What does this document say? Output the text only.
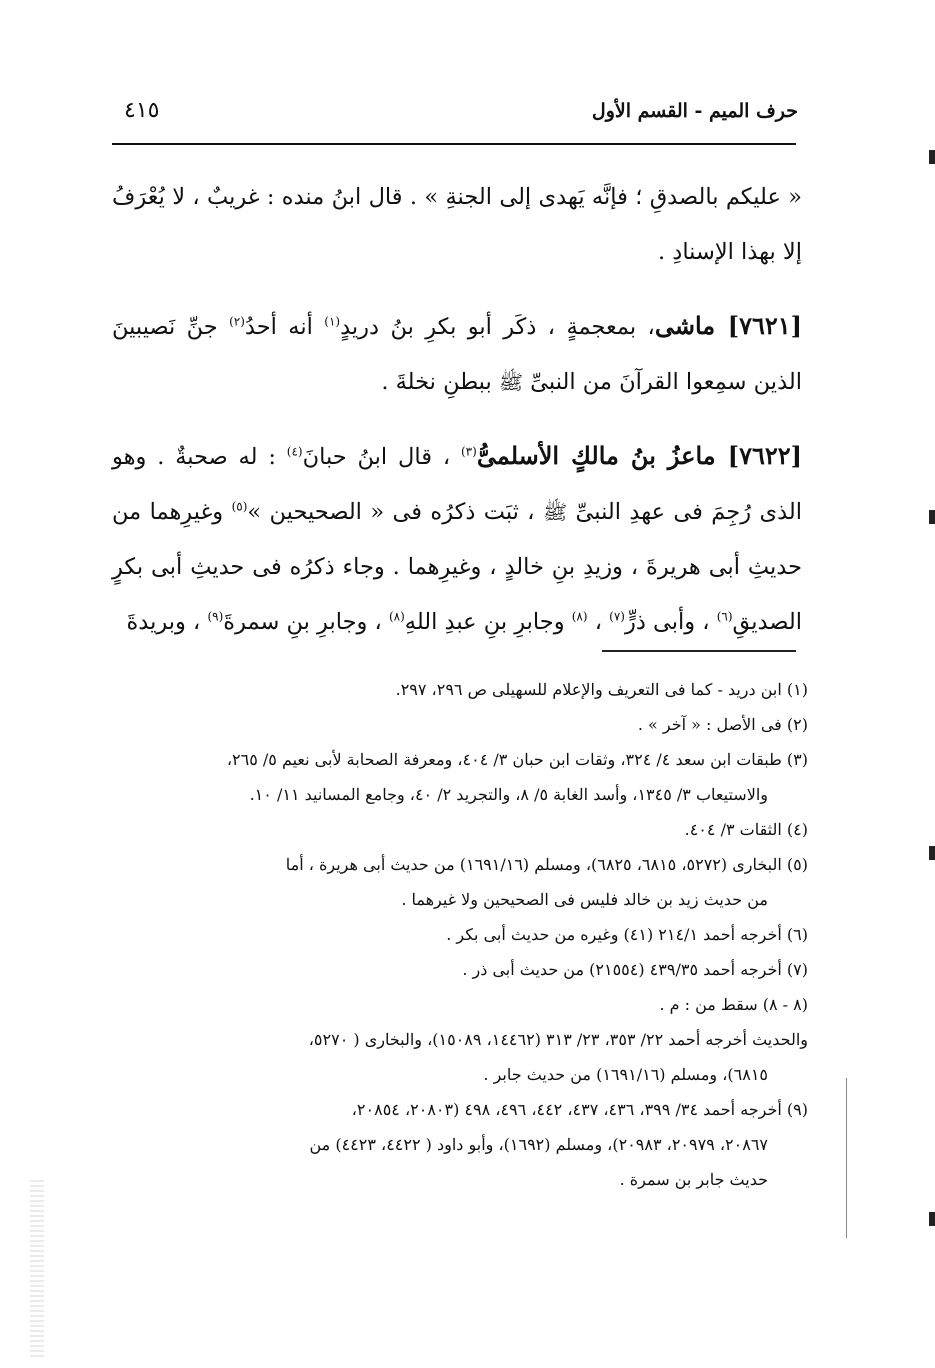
حرف الميم - القسم الأول
٤١٥

« عليكم بالصدقِ ؛ فإنَّه يَهدى إلى الجنةِ » . قال ابنُ منده : غريبٌ ، لا يُعْرَفُ إلا بهذا الإسنادِ .

[٧٦٢١] ماشى، بمعجمةٍ ، ذكَر أبو بكرِ بنُ دريدٍ$^{(١)}$ أنه أحدُ$^{(٢)}$ جنِّ نَصيبينَ الذين سمِعوا القرآنَ من النبىِّ ﷺ ببطنِ نخلةَ .

[٧٦٢٢] ماعزُ بنُ مالكٍ الأسلمىُّ$^{(٣)}$ ، قال ابنُ حبانَ$^{(٤)}$ : له صحبةٌ . وهو الذى رُجِمَ فى عهدِ النبىِّ ﷺ ، ثبَت ذكرُه فى « الصحيحين »$^{(٥)}$ وغيرِهما من حديثِ أبى هريرةَ ، وزيدِ بنِ خالدٍ ، وغيرِهما . وجاء ذكرُه فى حديثِ أبى بكرٍ الصديقِ$^{(٦)}$ ، وأبى ذرٍّ$^{(٧)}$ ، $^{(٨)}$ وجابرِ بنِ عبدِ اللهِ$^{(٨)}$ ، وجابرِ بنِ سمرةَ$^{(٩)}$ ، وبريدةَ

(١) ابن دريد - كما فى التعريف والإعلام للسهيلى ص ٢٩٦، ٢٩٧.

(٢) فى الأصل : « آخر » .

(٣) طبقات ابن سعد ٤/ ٣٢٤، وثقات ابن حبان ٣/ ٤٠٤، ومعرفة الصحابة لأبى نعيم ٥/ ٢٦٥،

والاستيعاب ٣/ ١٣٤٥، وأسد الغابة ٥/ ٨، والتجريد ٢/ ٤٠، وجامع المسانيد ١١/ ١٠.

(٤) الثقات ٣/ ٤٠٤.

(٥) البخارى (٥٢٧٢، ٦٨١٥، ٦٨٢٥)، ومسلم (١٦٩١/١٦) من حديث أبى هريرة ، أما

من حديث زيد بن خالد فليس فى الصحيحين ولا غيرهما .

(٦) أخرجه أحمد ٢١٤/١ (٤١) وغيره من حديث أبى بكر .

(٧) أخرجه أحمد ٤٣٩/٣٥ (٢١٥٥٤) من حديث أبى ذر .

(٨ - ٨) سقط من : م .

والحديث أخرجه أحمد ٢٢/ ٣٥٣، ٢٣/ ٣١٣ (١٤٤٦٢، ١٥٠٨٩)، والبخارى ( ٥٢٧٠،

٦٨١٥)، ومسلم (١٦٩١/١٦) من حديث جابر .

(٩) أخرجه أحمد ٣٤/ ٣٩٩، ٤٣٦، ٤٣٧، ٤٤٢، ٤٩٦، ٤٩٨ (٢٠٨٠٣، ٢٠٨٥٤،

٢٠٨٦٧، ٢٠٩٧٩، ٢٠٩٨٣)، ومسلم (١٦٩٢)، وأبو داود ( ٤٤٢٢، ٤٤٢٣) من

حديث جابر بن سمرة .
